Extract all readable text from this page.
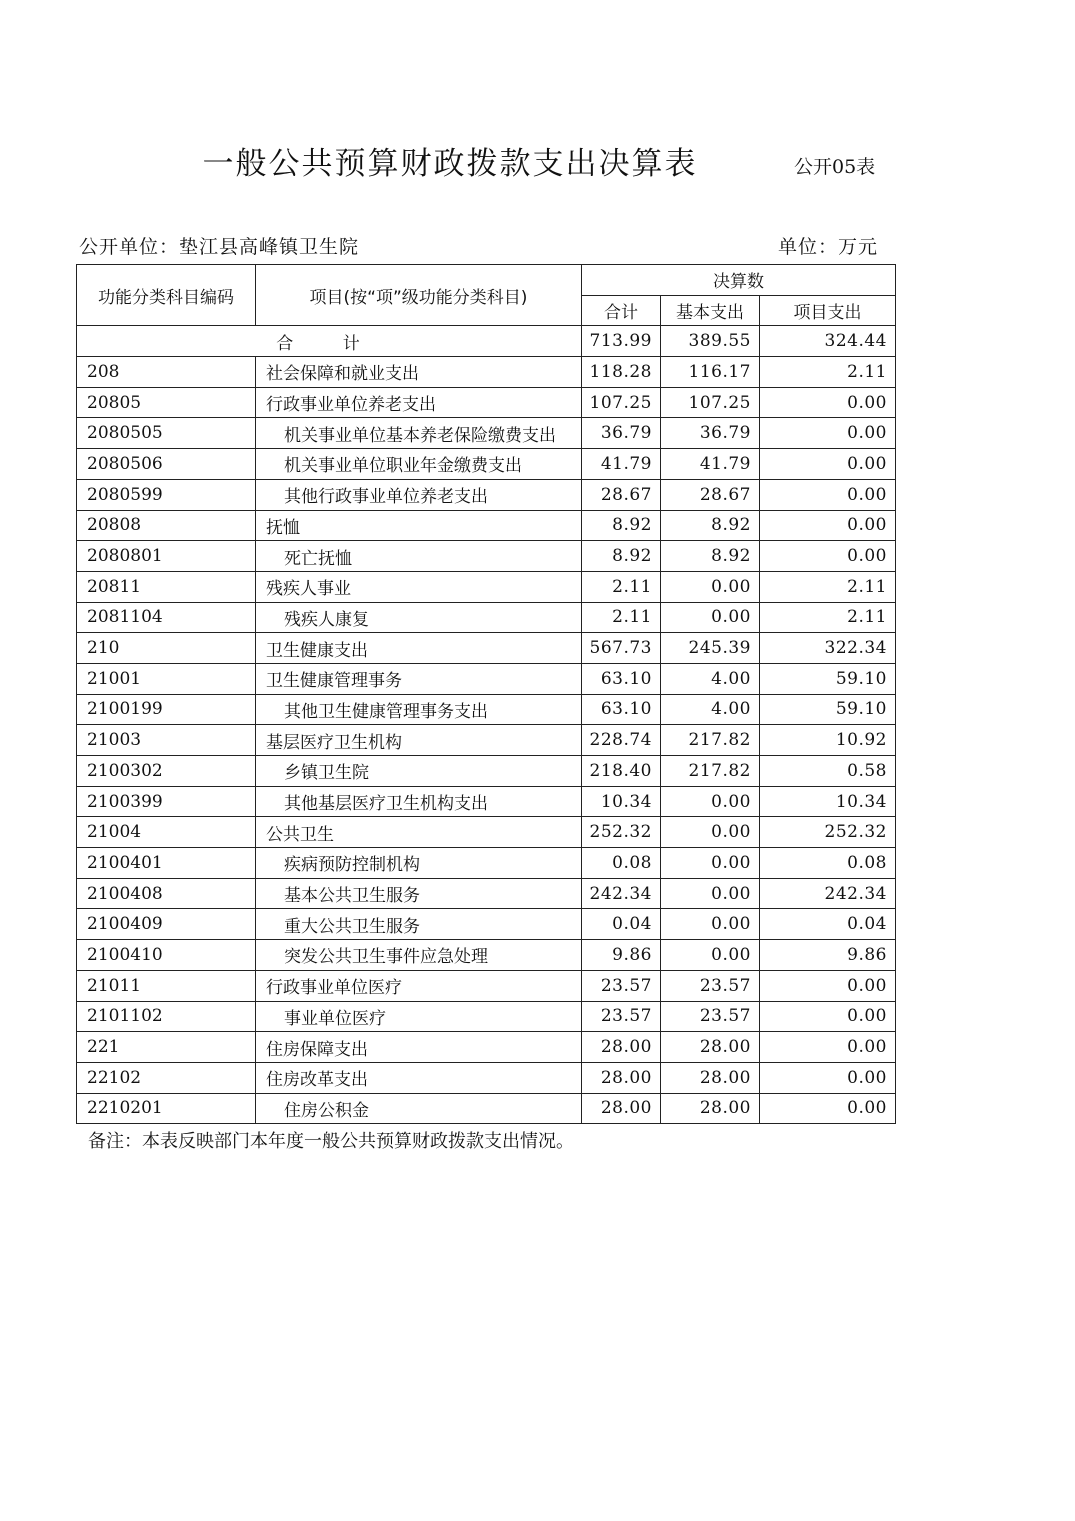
一般公共预算财政拨款支出决算表	公开05表
公开单位：垫江县高峰镇卫生院	单位：万元
功能分类科目编码	项目(按“项”级功能分类科目)	决算数		
		合计	基本支出	项目支出
合 计		713.99	389.55	324.44
208	社会保障和就业支出	118.28	116.17	2.11
20805	行政事业单位养老支出	107.25	107.25	0.00
2080505	机关事业单位基本养老保险缴费支出	36.79	36.79	0.00
2080506	机关事业单位职业年金缴费支出	41.79	41.79	0.00
2080599	其他行政事业单位养老支出	28.67	28.67	0.00
20808	抚恤	8.92	8.92	0.00
2080801	死亡抚恤	8.92	8.92	0.00
20811	残疾人事业	2.11	0.00	2.11
2081104	残疾人康复	2.11	0.00	2.11
210	卫生健康支出	567.73	245.39	322.34
21001	卫生健康管理事务	63.10	4.00	59.10
2100199	其他卫生健康管理事务支出	63.10	4.00	59.10
21003	基层医疗卫生机构	228.74	217.82	10.92
2100302	乡镇卫生院	218.40	217.82	0.58
2100399	其他基层医疗卫生机构支出	10.34	0.00	10.34
21004	公共卫生	252.32	0.00	252.32
2100401	疾病预防控制机构	0.08	0.00	0.08
2100408	基本公共卫生服务	242.34	0.00	242.34
2100409	重大公共卫生服务	0.04	0.00	0.04
2100410	突发公共卫生事件应急处理	9.86	0.00	9.86
21011	行政事业单位医疗	23.57	23.57	0.00
2101102	事业单位医疗	23.57	23.57	0.00
221	住房保障支出	28.00	28.00	0.00
22102	住房改革支出	28.00	28.00	0.00
2210201	住房公积金	28.00	28.00	0.00
备注：本表反映部门本年度一般公共预算财政拨款支出情况。
